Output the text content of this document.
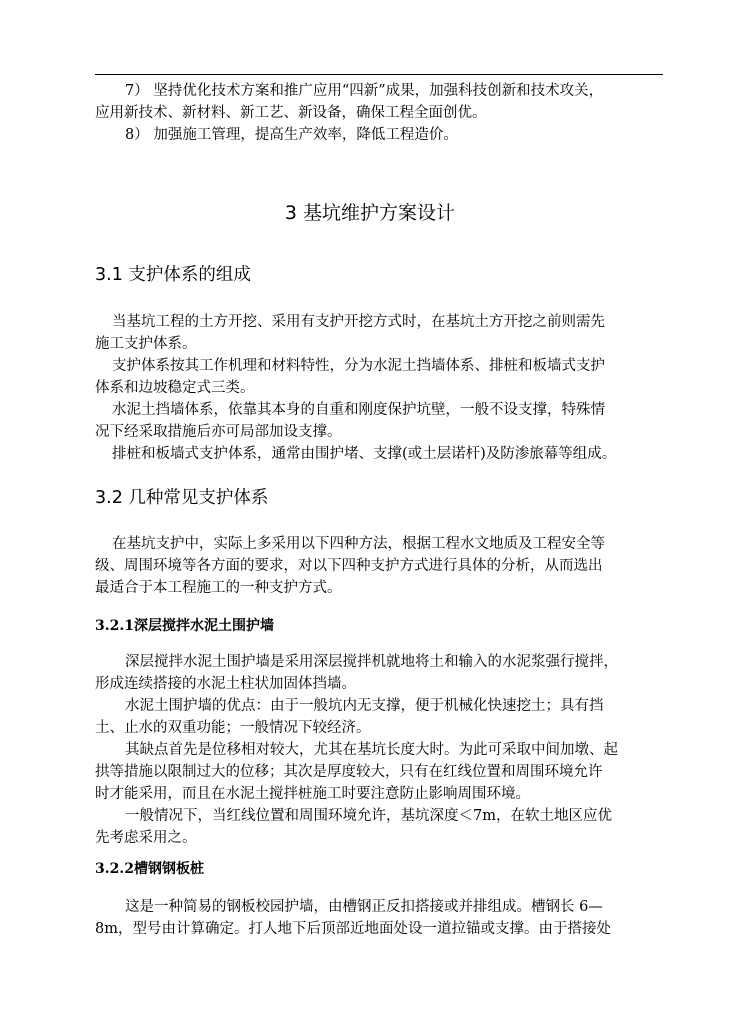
7） 坚持优化技术方案和推广应用“四新”成果，加强科技创新和技术攻关，
应用新技术、新材料、新工艺、新设备，确保工程全面创优。
8） 加强施工管理，提高生产效率，降低工程造价。
3 基坑维护方案设计
3.1 支护体系的组成
当基坑工程的土方开挖、采用有支护开挖方式时，在基坑土方开挖之前则需先
施工支护体系。
支护体系按其工作机理和材料特性，分为水泥土挡墙体系、排桩和板墙式支护
体系和边坡稳定式三类。
水泥土挡墙体系，依靠其本身的自重和刚度保护坑壁，一般不设支撑，特殊情
况下经采取措施后亦可局部加设支撑。
排桩和板墙式支护体系，通常由围护堵、支撑(或土层诺杆)及防渗旅幕等组成。
3.2 几种常见支护体系
在基坑支护中，实际上多采用以下四种方法，根据工程水文地质及工程安全等
级、周围环境等各方面的要求，对以下四种支护方式进行具体的分析，从而选出
最适合于本工程施工的一种支护方式。
3.2.1深层搅拌水泥土围护墙
深层搅拌水泥土围护墙是采用深层搅拌机就地将土和输入的水泥浆强行搅拌，
形成连续搭接的水泥土柱状加固体挡墙。
水泥土围护墙的优点：由于一般坑内无支撑，便于机械化快速挖土；具有挡
土、止水的双重功能；一般情况下较经济。
其缺点首先是位移相对较大，尤其在基坑长度大时。为此可采取中间加墩、起
拱等措施以限制过大的位移；其次是厚度较大，只有在红线位置和周围环境允许
时才能采用，而且在水泥土搅拌桩施工时要注意防止影响周围环境。
一般情况下，当红线位置和周围环境允许，基坑深度＜7m，在软土地区应优
先考虑采用之。
3.2.2槽钢钢板桩
这是一种简易的钢板校园护墙，由槽钢正反扣搭接或并排组成。槽钢长 6—
8m，型号由计算确定。打人地下后顶部近地面处设一道拉锚或支撑。由于搭接处
